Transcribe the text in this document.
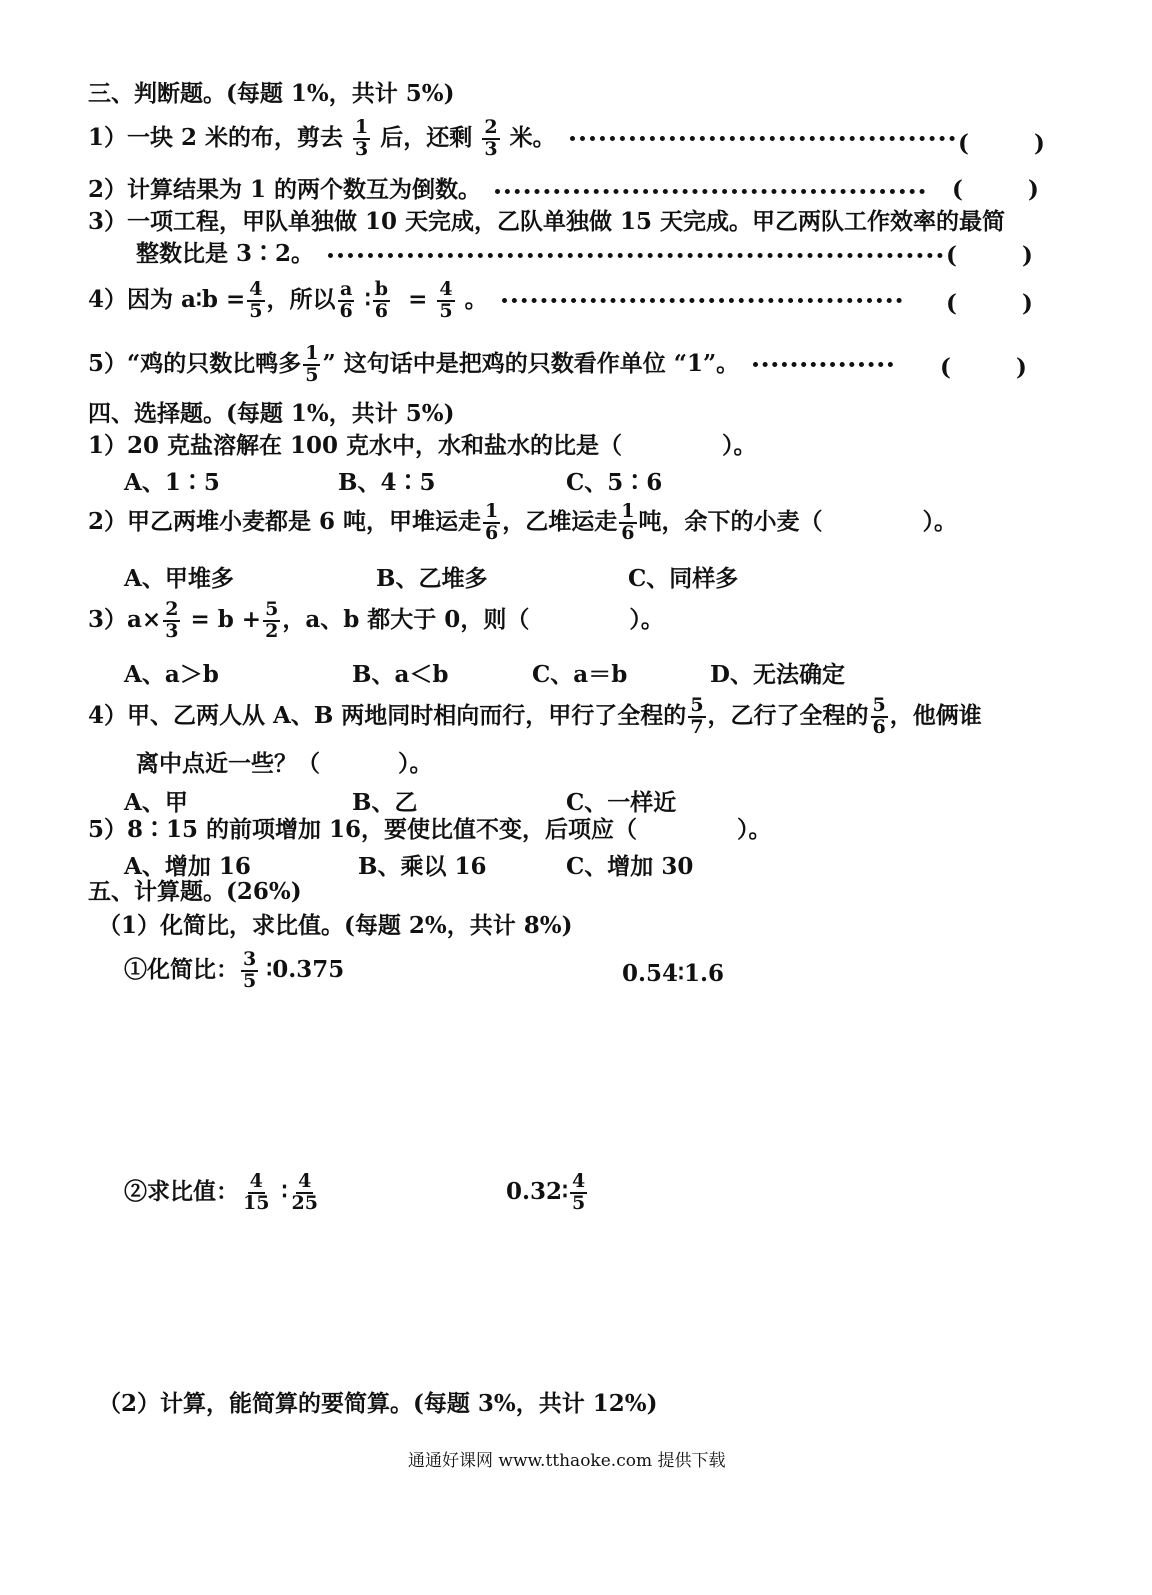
三、判断题。(每题 1%，共计 5%)
1）一块 2 米的布，剪去 $\frac{1}{3}$ 后，还剩 $\frac{2}{3}$ 米。	(	)
2）计算结果为 1 的两个数互为倒数。	(	)
3）一项工程，甲队单独做 10 天完成，乙队单独做 15 天完成。甲乙两队工作效率的最简
整数比是 3∶2。	(	)
4）因为 a∶b = $\frac{4}{5}$ ，所以 $\frac{a}{6}$ ∶ $\frac{b}{6} = \frac{4}{5}$ 。	(	)
5）“鸡的只数比鸭多 $\frac{1}{5}$ ” 这句话中是把鸡的只数看作单位 “1”。	(	)
四、选择题。(每题 1%，共计 5%)
1）20 克盐溶解在 100 克水中，水和盐水的比是（	）。
A、1∶5	B、4∶5	C、5∶6
2）甲乙两堆小麦都是 6 吨，甲堆运走 $\frac{1}{6}$ ，乙堆运走 $\frac{1}{6}$ 吨，余下的小麦（	）。
A、甲堆多	B、乙堆多	C、同样多
$3)a\times \frac{2}{3} = b + \frac{5}{2}$ ，a、b 都大于 0，则（	）。
A、a＞b	B、a＜b	C、a＝b	D、无法确定
4）甲、乙两人从 A、B 两地同时相向而行，甲行了全程的 $\frac{5}{7}$ ，乙行了全程的 $\frac{5}{6}$ ，他俩谁
离中点近一些？（	）。
A、甲	B、乙	C、一样近
5）8∶15 的前项增加 16，要使比值不变，后项应（	）。
A、增加 16	B、乘以 16	C、增加 30
五、计算题。(26%)
（1）化简比，求比值。(每题 2%，共计 8%)
①化简比： $\frac{3}{5}$ ∶0.375	0.54∶1.6
②求比值： $\frac{4}{15}$ ∶ $\frac{4}{25}$	0.32∶ $\frac{4}{5}$
（2）计算，能简算的要简算。(每题 3%，共计 12%)
通通好课网 www.tthaoke.com 提供下载
